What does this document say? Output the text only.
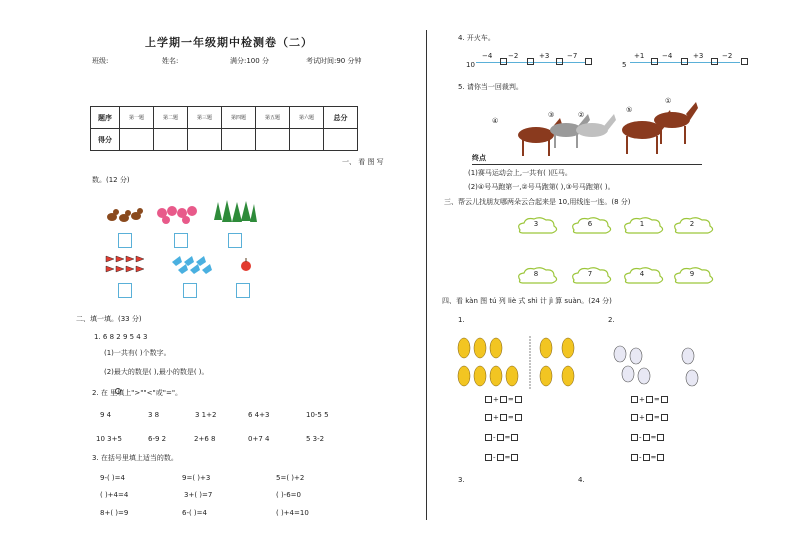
上学期一年级期中检测卷（二）
班级:	姓名:	满分:100 分	考试时间:90 分钟
题序	第一题	第二题	第三题	第四题	第五题	第六题	总分
得分							
一、 看 图 写
数。(12 分)
二、填一填。(33 分)
1. 6 8 2 9 5 4 3
(1)一共有( )个数字。
(2)最大的数是( ),最小的数是( )。
2. 在 里填上">""<"或"="。
9 4	3 8	3 1+2	6 4+3	10-5 5
10 3+5	6-9 2	2+6 8	0+7 4	5 3-2
3. 在括号里填上适当的数。
9-( )=4	9=( )+3	5=( )+2
( )+4=4	3+( )=7	( )-6=0
8+( )=9	6-( )=4	( )+4=10
4. 开火车。
10
−4 −2	+3	−7
5
+1	−4	+3	−2
5. 请你当一回裁判。
终点
①
⑤
④
③	②
(1)赛马运动会上,一共有( )匹马。
(2)④号马跑第一,②号马跑第( ),③号马跑第( )。
三、帮云儿找朋友哪两朵云合起来是 10,用线连一连。(8 分)
3	6	1	2
8	7	4	9
四、看 kàn 图 tú 列 liè 式 shì 计 jì 算 suàn。(24 分)
1.	2.
+ =
+ =
- =
- =
+ =
+ =
- =
- =
3.	4.
